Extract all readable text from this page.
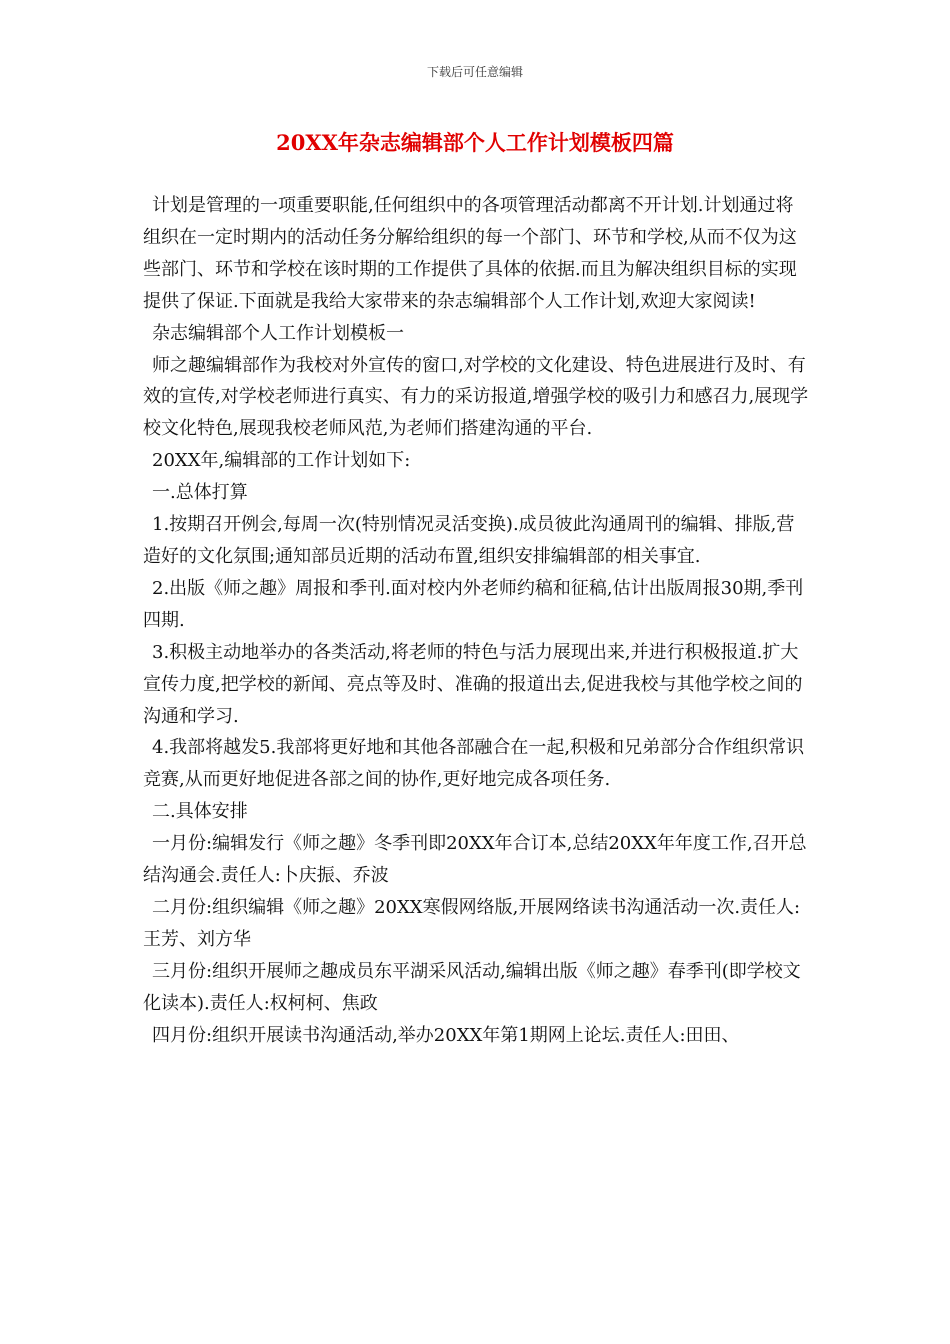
下载后可任意编辑
20XX年杂志编辑部个人工作计划模板四篇

计划是管理的一项重要职能,任何组织中的各项管理活动都离不开计划.计划通过将组织在一定时期内的活动任务分解给组织的每一个部门、环节和学校,从而不仅为这些部门、环节和学校在该时期的工作提供了具体的依据.而且为解决组织目标的实现提供了保证.下面就是我给大家带来的杂志编辑部个人工作计划,欢迎大家阅读!

杂志编辑部个人工作计划模板一

师之趣编辑部作为我校对外宣传的窗口,对学校的文化建设、特色进展进行及时、有效的宣传,对学校老师进行真实、有力的采访报道,增强学校的吸引力和感召力,展现学校文化特色,展现我校老师风范,为老师们搭建沟通的平台.

20XX年,编辑部的工作计划如下:

一.总体打算

1.按期召开例会,每周一次(特别情况灵活变换).成员彼此沟通周刊的编辑、排版,营造好的文化氛围;通知部员近期的活动布置,组织安排编辑部的相关事宜.

2.出版《师之趣》周报和季刊.面对校内外老师约稿和征稿,估计出版周报30期,季刊四期.

3.积极主动地举办的各类活动,将老师的特色与活力展现出来,并进行积极报道.扩大宣传力度,把学校的新闻、亮点等及时、准确的报道出去,促进我校与其他学校之间的沟通和学习.

4.我部将越发5.我部将更好地和其他各部融合在一起,积极和兄弟部分合作组织常识竞赛,从而更好地促进各部之间的协作,更好地完成各项任务.

二.具体安排

一月份:编辑发行《师之趣》冬季刊即20XX年合订本,总结20XX年年度工作,召开总结沟通会.责任人:卜庆振、乔波

二月份:组织编辑《师之趣》20XX寒假网络版,开展网络读书沟通活动一次.责任人:王芳、刘方华

三月份:组织开展师之趣成员东平湖采风活动,编辑出版《师之趣》春季刊(即学校文化读本).责任人:权柯柯、焦政

四月份:组织开展读书沟通活动,举办20XX年第1期网上论坛.责任人:田田、
